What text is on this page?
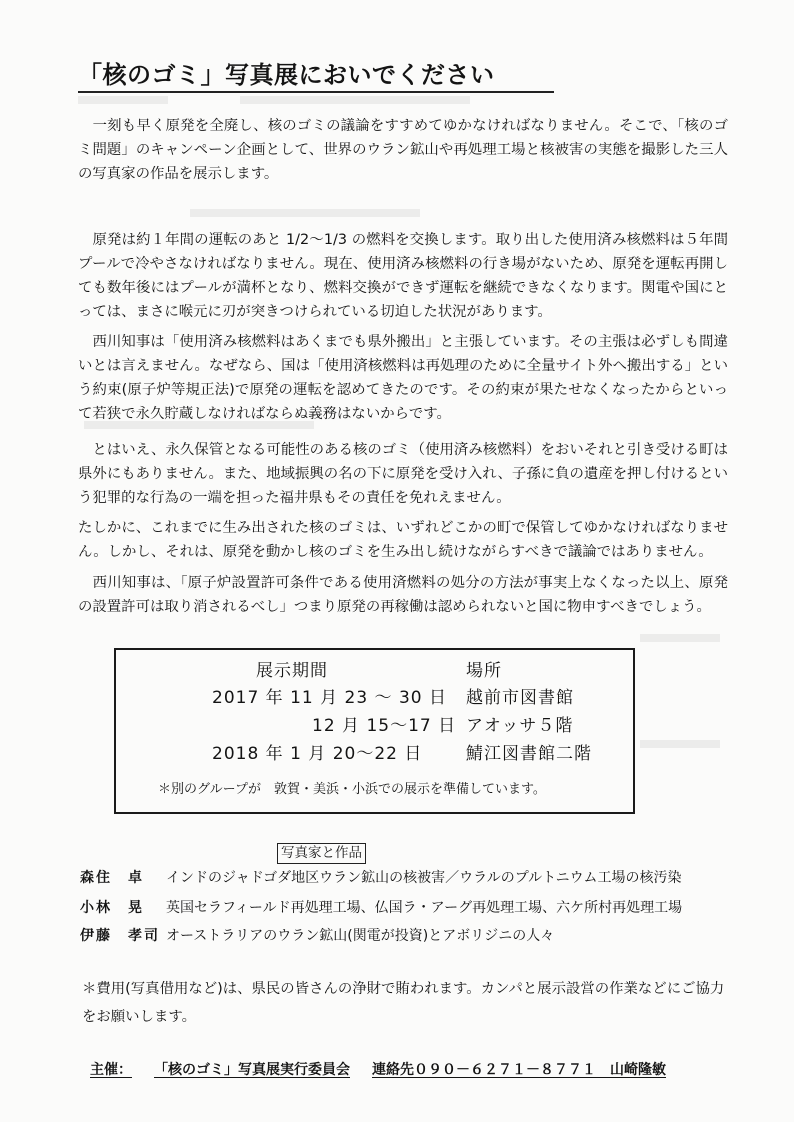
「核のゴミ」写真展においでください
　一刻も早く原発を全廃し、核のゴミの議論をすすめてゆかなければなりません。そこで、「核のゴミ問題」のキャンペーン企画として、世界のウラン鉱山や再処理工場と核被害の実態を撮影した三人の写真家の作品を展示します。
　原発は約１年間の運転のあと 1/2～1/3 の燃料を交換します。取り出した使用済み核燃料は５年間プールで冷やさなければなりません。現在、使用済み核燃料の行き場がないため、原発を運転再開しても数年後にはプールが満杯となり、燃料交換ができず運転を継続できなくなります。関電や国にとっては、まさに喉元に刃が突きつけられている切迫した状況があります。
　西川知事は「使用済み核燃料はあくまでも県外搬出」と主張しています。その主張は必ずしも間違いとは言えません。なぜなら、国は「使用済核燃料は再処理のために全量サイト外へ搬出する」という約束(原子炉等規正法)で原発の運転を認めてきたのです。その約束が果たせなくなったからといって若狭で永久貯蔵しなければならぬ義務はないからです。
　とはいえ、永久保管となる可能性のある核のゴミ（使用済み核燃料）をおいそれと引き受ける町は県外にもありません。また、地域振興の名の下に原発を受け入れ、子孫に負の遺産を押し付けるという犯罪的な行為の一端を担った福井県もその責任を免れえません。
たしかに、これまでに生み出された核のゴミは、いずれどこかの町で保管してゆかなければなりません。しかし、それは、原発を動かし核のゴミを生み出し続けながらすべきで議論ではありません。
　西川知事は、「原子炉設置許可条件である使用済燃料の処分の方法が事実上なくなった以上、原発の設置許可は取り消されるべし」つまり原発の再稼働は認められないと国に物申すべきでしょう。
展示期間	場所
2017 年 11 月 23 ～ 30 日 越前市図書館
12 月 15～17 日 アオッサ５階
2018 年 1 月 20～22 日	鯖江図書館二階
＊別のグループが　敦賀・美浜・小浜での展示を準備しています。
写真家と作品
森住　卓 インドのジャドゴダ地区ウラン鉱山の核被害／ウラルのプルトニウム工場の核汚染
小林　晃 英国セラフィールド再処理工場、仏国ラ・アーグ再処理工場、六ケ所村再処理工場
伊藤　孝司 オーストラリアのウラン鉱山(関電が投資)とアボリジニの人々
＊費用(写真借用など)は、県民の皆さんの浄財で賄われます。カンパと展示設営の作業などにご協力をお願いします。
主催： 「核のゴミ」写真展実行委員会 連絡先０９０－６２７１－８７７１　山崎隆敏
